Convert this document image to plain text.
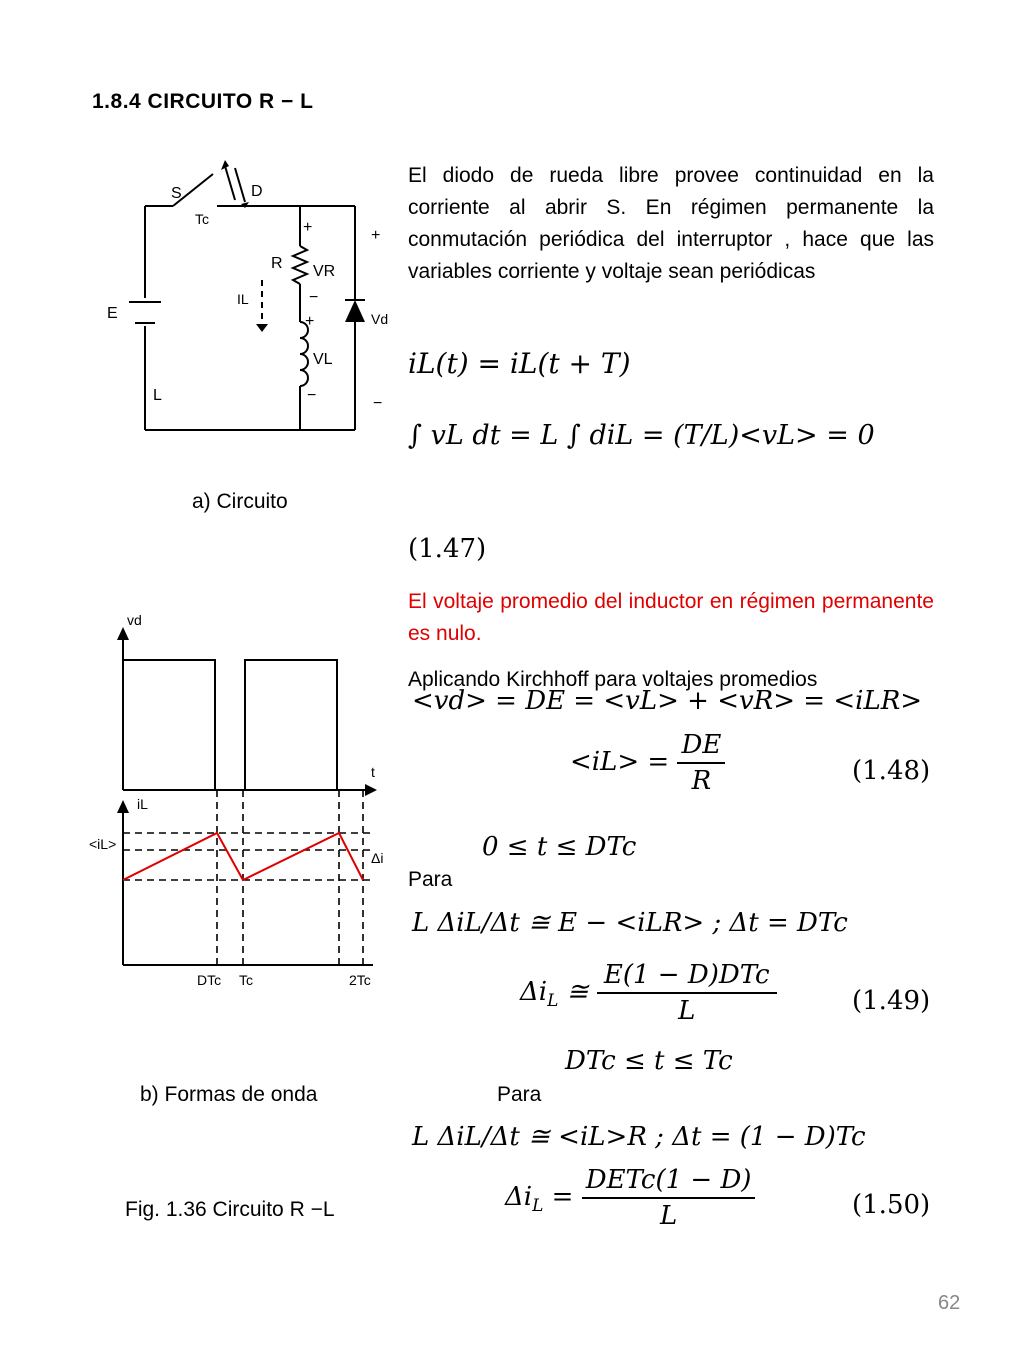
1.8.4 CIRCUITO R − L
S	D
Tc	+	+
R VR
−
IL
E	+	Vd
VL
L	−	−
a) Circuito
vd
t
iL
<iL>
Δi
DTc Tc	2Tc
b) Formas de onda
Fig. 1.36 Circuito R −L
El diodo de rueda libre provee continuidad en la corriente al abrir S. En régimen permanente la conmutación periódica del interruptor , hace que las variables corriente y voltaje sean periódicas
iL(t) = iL(t + T)
∫ vL dt = L ∫ diL = (T/L)<vL> = 0
(1.47)
El voltaje promedio del inductor en régimen permanente es nulo.
Aplicando Kirchhoff para voltajes promedios
<vd> = DE = <vL> + <vR> = <iLR>
$<iL> = \frac{DE}{R}$	(1.48)
0 ≤ t ≤ DTc
Para
L ΔiL/Δt ≅ E − <iLR> ; Δt = DTc
$\Delta i_L$ ≅ $\frac{\text{E(1 − D)DTc}}{L}$	(1.49)
DTc ≤ t ≤ Tc
Para
L ΔiL/Δt ≅ <iL>R ; Δt = (1 − D)Tc
$\Delta i_L = \frac{\text{DETc(1 − D)}}{L}$	(1.50)
62
